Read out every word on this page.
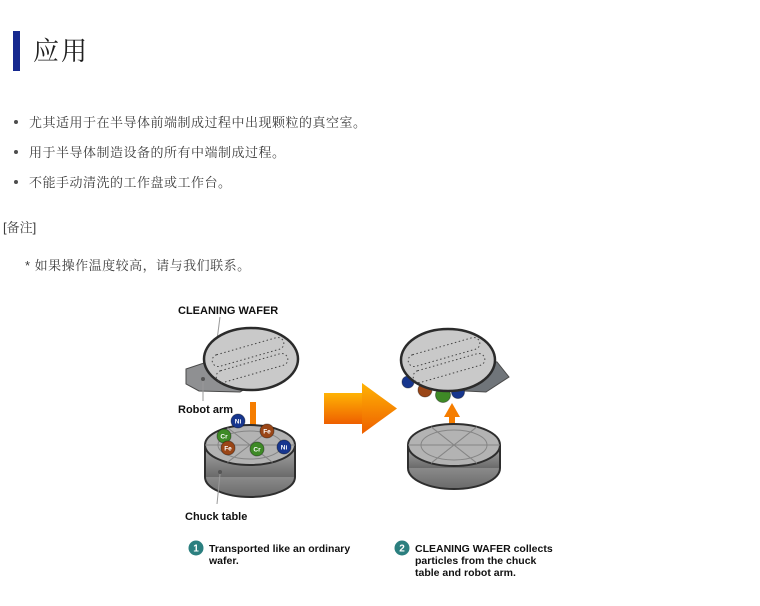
应用
尤其适用于在半导体前端制成过程中出现颗粒的真空室。
用于半导体制造设备的所有中端制成过程。
不能手动清洗的工作盘或工作台。
[备注]
* 如果操作温度较高，请与我们联系。
CLEANING WAFER
Robot arm
Ni
Cr
Fe
Fe	Cr	Ni
Chuck table
1 Transported like an ordinary
wafer.
2 CLEANING WAFER collects
particles from the chuck
table and robot arm.
